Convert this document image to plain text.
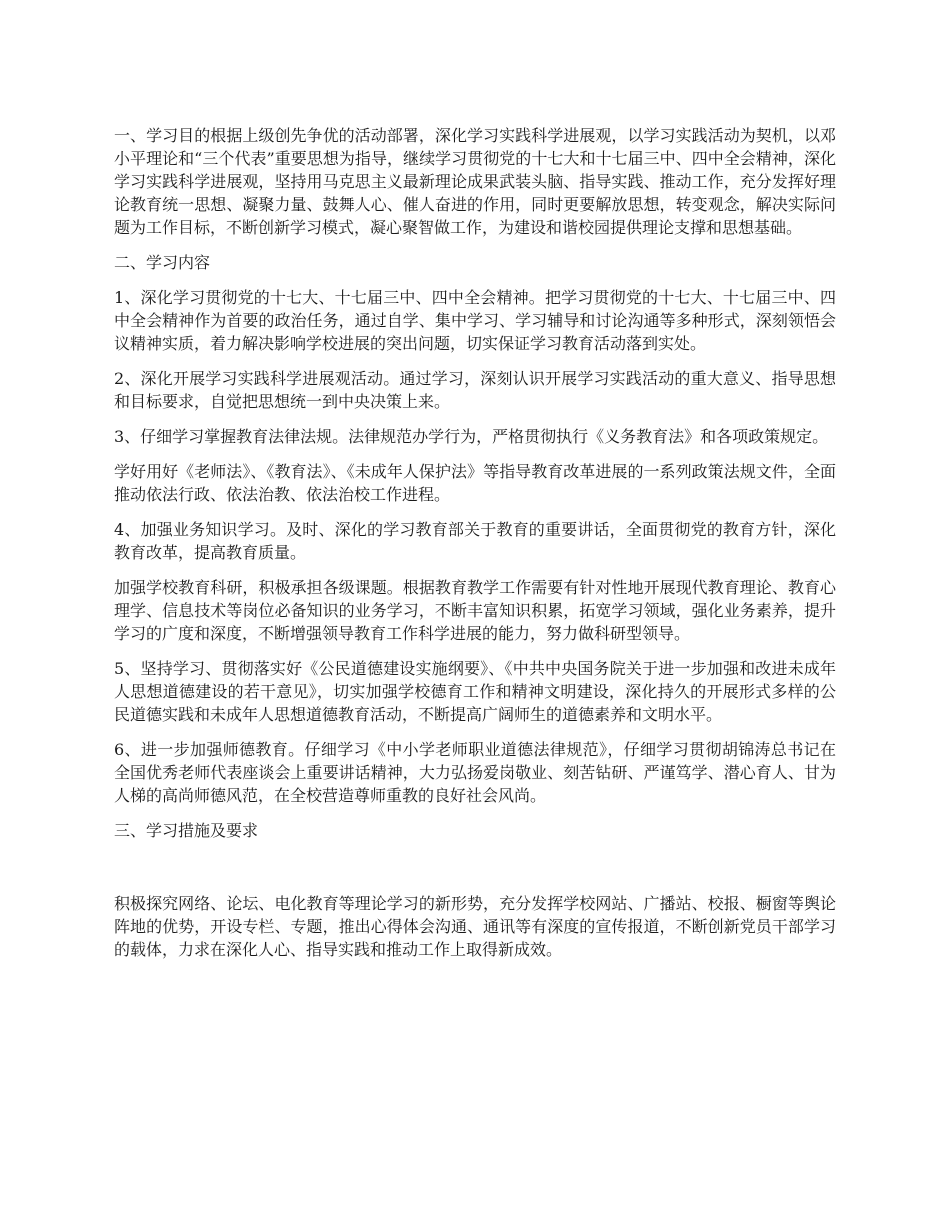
一、学习目的根据上级创先争优的活动部署，深化学习实践科学进展观，以学习实践活动为契机，以邓小平理论和“三个代表”重要思想为指导，继续学习贯彻党的十七大和十七届三中、四中全会精神，深化学习实践科学进展观，坚持用马克思主义最新理论成果武装头脑、指导实践、推动工作，充分发挥好理论教育统一思想、凝聚力量、鼓舞人心、催人奋进的作用，同时更要解放思想，转变观念，解决实际问题为工作目标，不断创新学习模式，凝心聚智做工作，为建设和谐校园提供理论支撑和思想基础。

二、学习内容

1、深化学习贯彻党的十七大、十七届三中、四中全会精神。把学习贯彻党的十七大、十七届三中、四中全会精神作为首要的政治任务，通过自学、集中学习、学习辅导和讨论沟通等多种形式，深刻领悟会议精神实质，着力解决影响学校进展的突出问题，切实保证学习教育活动落到实处。

2、深化开展学习实践科学进展观活动。通过学习，深刻认识开展学习实践活动的重大意义、指导思想和目标要求，自觉把思想统一到中央决策上来。

3、仔细学习掌握教育法律法规。法律规范办学行为，严格贯彻执行《义务教育法》和各项政策规定。

学好用好《老师法》、《教育法》、《未成年人保护法》等指导教育改革进展的一系列政策法规文件，全面推动依法行政、依法治教、依法治校工作进程。

4、加强业务知识学习。及时、深化的学习教育部关于教育的重要讲话，全面贯彻党的教育方针，深化教育改革，提高教育质量。

加强学校教育科研，积极承担各级课题。根据教育教学工作需要有针对性地开展现代教育理论、教育心理学、信息技术等岗位必备知识的业务学习，不断丰富知识积累，拓宽学习领域，强化业务素养，提升学习的广度和深度，不断增强领导教育工作科学进展的能力，努力做科研型领导。

5、坚持学习、贯彻落实好《公民道德建设实施纲要》、《中共中央国务院关于进一步加强和改进未成年人思想道德建设的若干意见》，切实加强学校德育工作和精神文明建设，深化持久的开展形式多样的公民道德实践和未成年人思想道德教育活动，不断提高广阔师生的道德素养和文明水平。

6、进一步加强师德教育。仔细学习《中小学老师职业道德法律规范》，仔细学习贯彻胡锦涛总书记在全国优秀老师代表座谈会上重要讲话精神，大力弘扬爱岗敬业、刻苦钻研、严谨笃学、潜心育人、甘为人梯的高尚师德风范，在全校营造尊师重教的良好社会风尚。

三、学习措施及要求

积极探究网络、论坛、电化教育等理论学习的新形势，充分发挥学校网站、广播站、校报、橱窗等舆论阵地的优势，开设专栏、专题，推出心得体会沟通、通讯等有深度的宣传报道，不断创新党员干部学习的载体，力求在深化人心、指导实践和推动工作上取得新成效。
